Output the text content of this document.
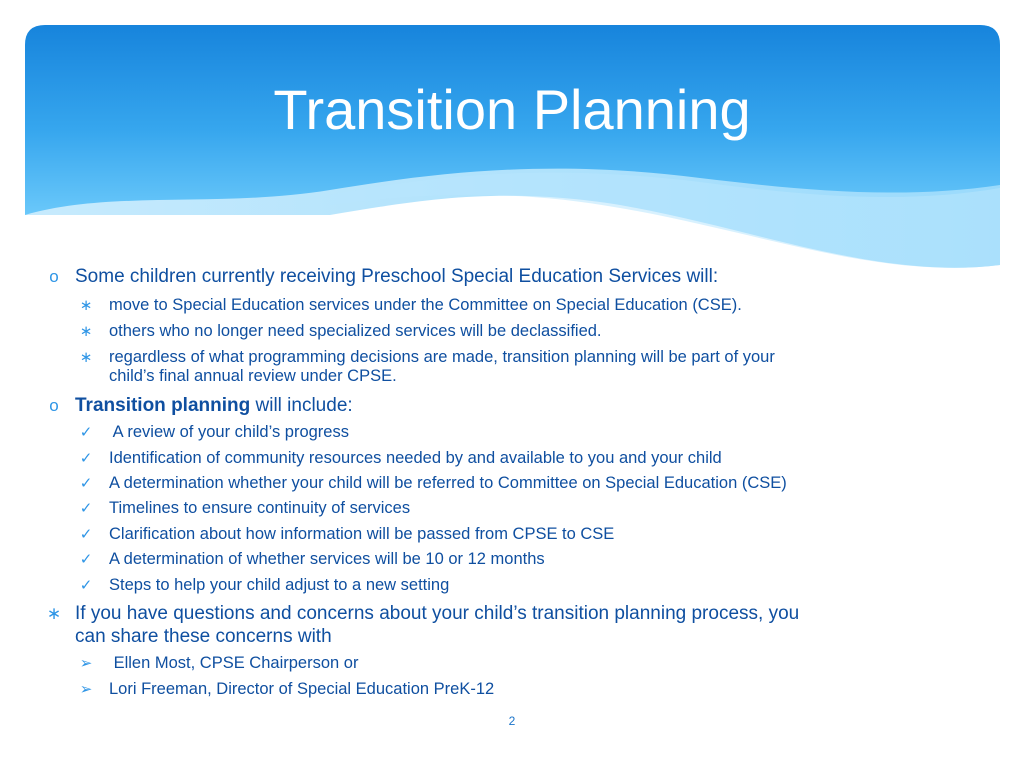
Transition Planning
o Some children currently receiving Preschool Special Education Services will:
∗ move to Special Education services under the Committee on Special Education (CSE).
∗ others who no longer need specialized services will be declassified.
∗ regardless of what programming decisions are made, transition planning will be part of your
child’s final annual review under CPSE.
o Transition planning will include:
✓ A review of your child’s progress
✓ Identification of community resources needed by and available to you and your child
✓ A determination whether your child will be referred to Committee on Special Education (CSE)
✓ Timelines to ensure continuity of services
✓ Clarification about how information will be passed from CPSE to CSE
✓ A determination of whether services will be 10 or 12 months
✓ Steps to help your child adjust to a new setting
∗ If you have questions and concerns about your child’s transition planning process, you
can share these concerns with
➢ Ellen Most, CPSE Chairperson or
➢ Lori Freeman, Director of Special Education PreK-12
2
